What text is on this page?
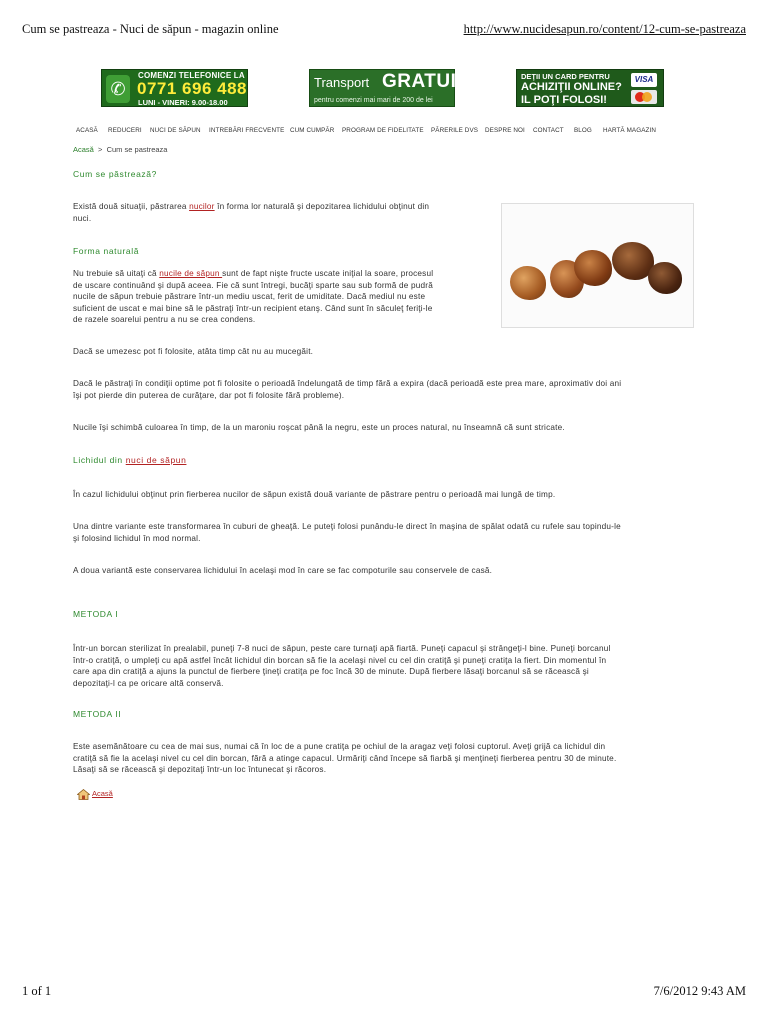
Cum se pastreaza - Nuci de săpun - magazin online	http://www.nucidesapun.ro/content/12-cum-se-pastreaza
✆
COMENZI TELEFONICE LA
0771 696 488
LUNI - VINERI: 9.00-18.00
Transport GRATUIT
pentru comenzi mai mari de 200 de lei
DEŢII UN CARD PENTRU
ACHIZIŢII ONLINE?
IL POŢI FOLOSI!
VISA
ACASĂ REDUCERI NUCI DE SĂPUN INTREBĂRI FRECVENTE CUM CUMPĂR PROGRAM DE FIDELITATE PĂRERILE DVS DESPRE NOI CONTACT BLOG HARTĂ MAGAZIN
Acasă > Cum se pastreaza
Cum se păstrează?
Există două situaţii, păstrarea nucilor în forma lor naturală şi depozitarea lichidului obţinut din
nuci.
Forma naturală
Nu trebuie să uitaţi că nucile de săpun sunt de fapt nişte fructe uscate iniţial la soare, procesul
de uscare continuând şi după aceea. Fie că sunt întregi, bucăţi sparte sau sub formă de pudră
nucile de săpun trebuie păstrare într-un mediu uscat, ferit de umiditate. Dacă mediul nu este
suficient de uscat e mai bine să le păstraţi într-un recipient etanş. Când sunt în săculeţ feriţi-le
de razele soarelui pentru a nu se crea condens.
Dacă se umezesc pot fi folosite, atâta timp cât nu au mucegăit.
Dacă le păstraţi în condiţii optime pot fi folosite o perioadă îndelungată de timp fără a expira (dacă perioadă este prea mare, aproximativ doi ani
îşi pot pierde din puterea de curăţare, dar pot fi folosite fără probleme).
Nucile îşi schimbă culoarea în timp, de la un maroniu roşcat până la negru, este un proces natural, nu înseamnă că sunt stricate.
Lichidul din nuci de săpun
În cazul lichidului obţinut prin fierberea nucilor de săpun există două variante de păstrare pentru o perioadă mai lungă de timp.
Una dintre variante este transformarea în cuburi de gheaţă. Le puteţi folosi punându-le direct în maşina de spălat odată cu rufele sau topindu-le
şi folosind lichidul în mod normal.
A doua variantă este conservarea lichidului în acelaşi mod în care se fac compoturile sau conservele de casă.
METODA I
Într-un borcan sterilizat în prealabil, puneţi 7-8 nuci de săpun, peste care turnaţi apă fiartă. Puneţi capacul şi strângeţi-l bine. Puneţi borcanul
într-o cratiţă, o umpleţi cu apă astfel încât lichidul din borcan să fie la acelaşi nivel cu cel din cratiţă şi puneţi cratiţa la fiert. Din momentul în
care apa din cratiţă a ajuns la punctul de fierbere ţineţi cratiţa pe foc încă 30 de minute. După fierbere lăsaţi borcanul să se răcească şi
depozitaţi-l ca pe oricare altă conservă.
METODA II
Este asemănătoare cu cea de mai sus, numai că în loc de a pune cratiţa pe ochiul de la aragaz veţi folosi cuptorul. Aveţi grijă ca lichidul din
cratiţă să fie la acelaşi nivel cu cel din borcan, fără a atinge capacul. Urmăriţi când începe să fiarbă şi menţineţi fierberea pentru 30 de minute.
Lăsaţi să se răcească şi depozitaţi într-un loc întunecat şi răcoros.
Acasă
1 of 1	7/6/2012 9:43 AM
